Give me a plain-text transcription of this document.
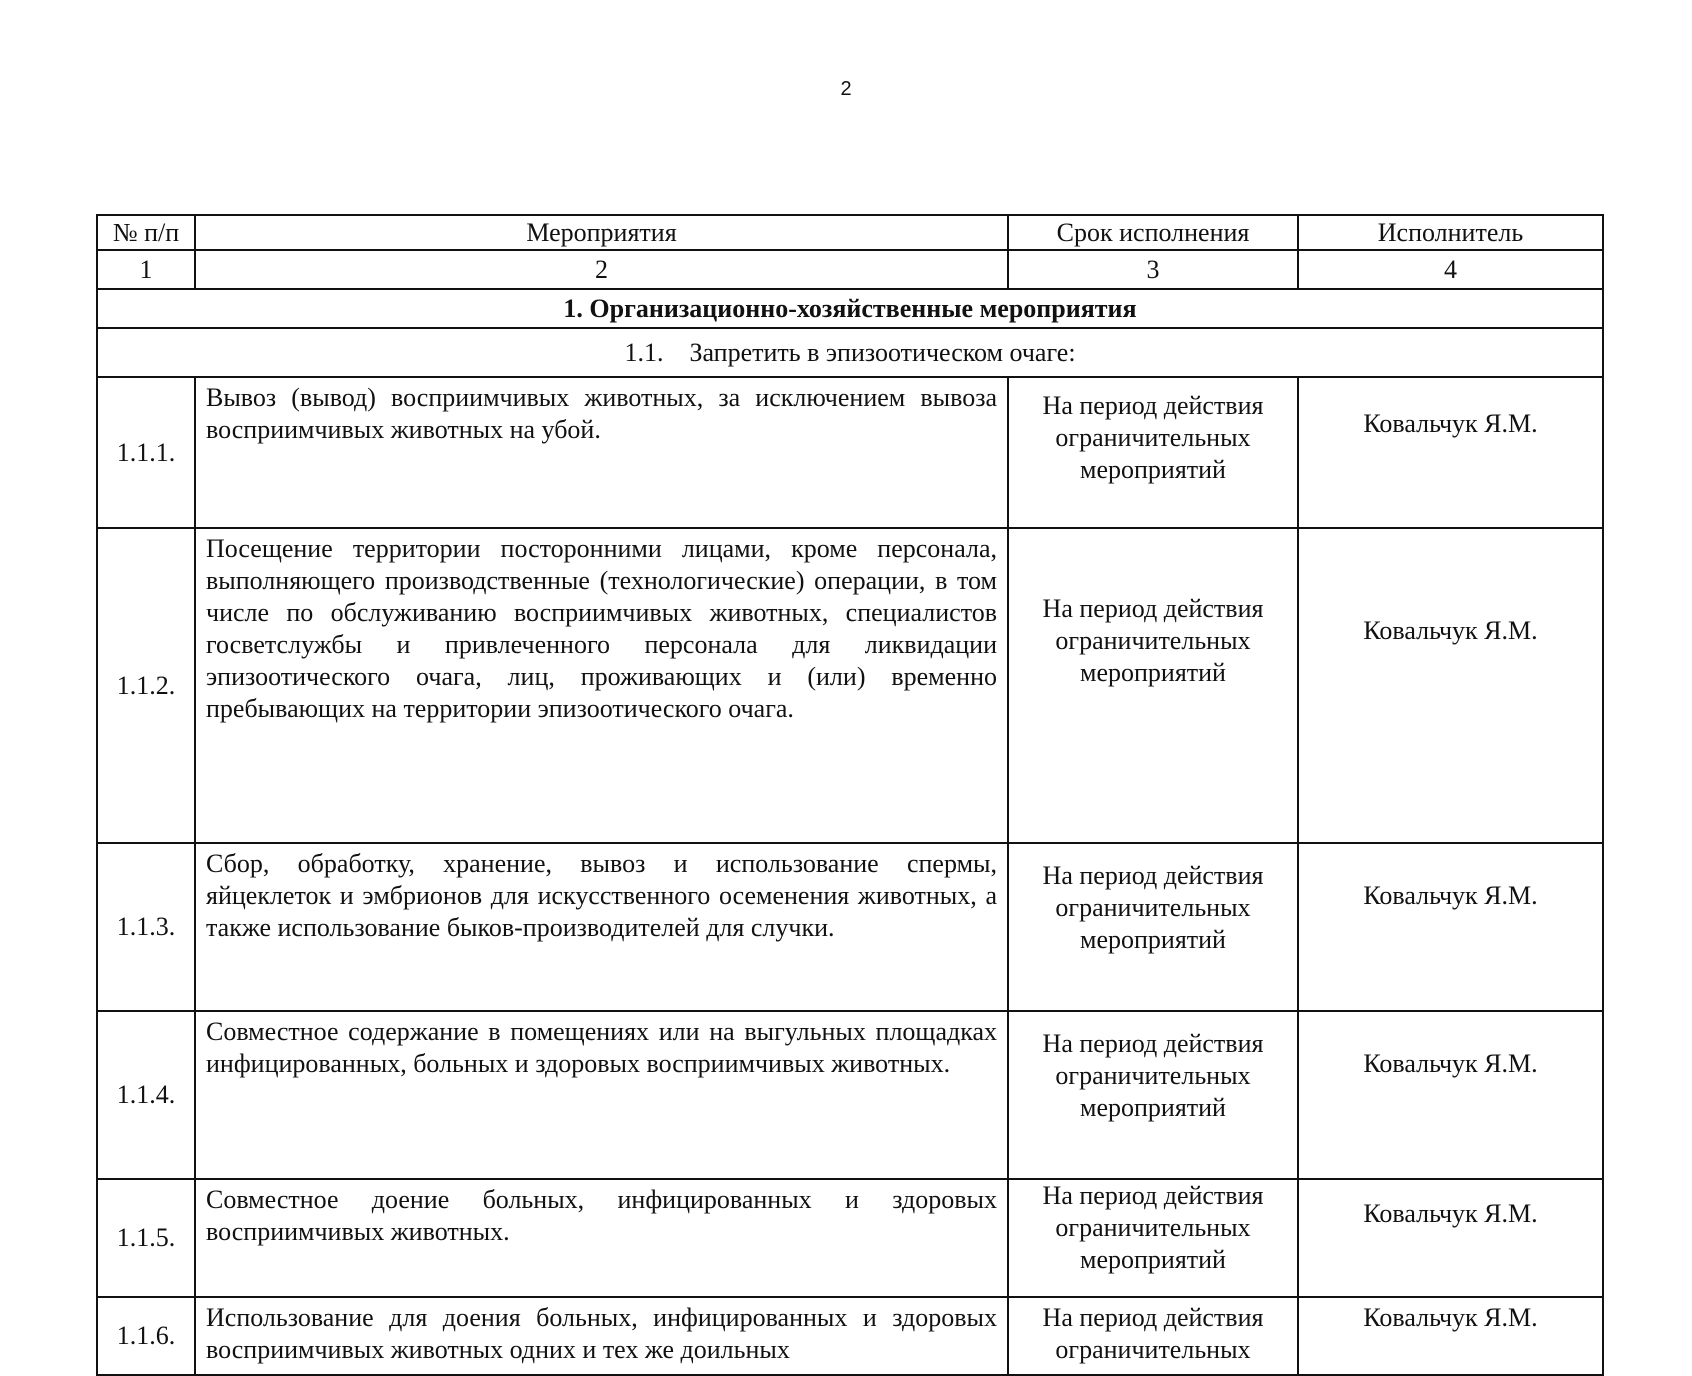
2
№ п/п	Мероприятия	Срок исполнения	Исполнитель
1	2	3	4
1. Организационно-хозяйственные мероприятия			
1.1. Запретить в эпизоотическом очаге:			
1.1.1.	Вывоз (вывод) восприимчивых животных, за исключением вывоза восприимчивых животных на убой.	На период действия ограничительных мероприятий	Ковальчук Я.М.
1.1.2.	Посещение территории посторонними лицами, кроме персонала, выполняющего производственные (технологические) операции, в том числе по обслуживанию восприимчивых животных, специалистов госветслужбы и привлеченного персонала для ликвидации эпизоотического очага, лиц, проживающих и (или) временно пребывающих на территории эпизоотического очага.	На период действия ограничительных мероприятий	Ковальчук Я.М.
1.1.3.	Сбор, обработку, хранение, вывоз и использование спермы, яйцеклеток и эмбрионов для искусственного осеменения животных, а также использование быков-производителей для случки.	На период действия ограничительных мероприятий	Ковальчук Я.М.
1.1.4.	Совместное содержание в помещениях или на выгульных площадках инфицированных, больных и здоровых восприимчивых животных.	На период действия ограничительных мероприятий	Ковальчук Я.М.
1.1.5.	Совместное доение больных, инфицированных и здоровых восприимчивых животных.	На период действия ограничительных мероприятий	Ковальчук Я.М.
1.1.6.	Использование для доения больных, инфицированных и здоровых восприимчивых животных одних и тех же доильных	На период действия ограничительных	Ковальчук Я.М.
